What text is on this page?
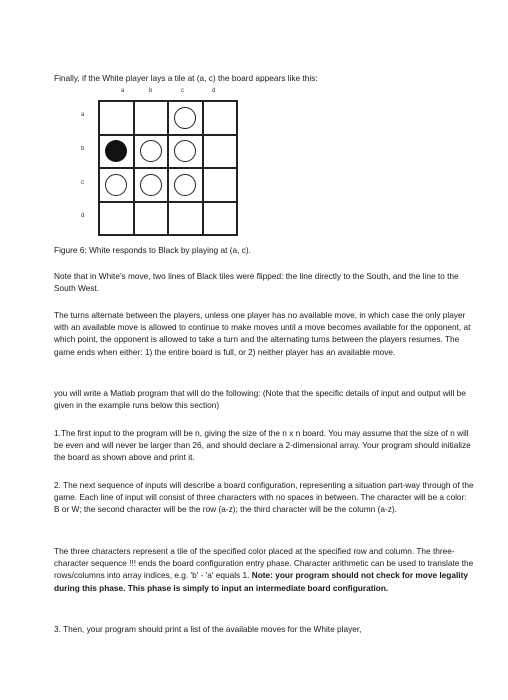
Finally, if the White player lays a tile at (a, c) the board appears like this:
a	b	c	d
a
b
c
d
Figure 6: White responds to Black by playing at (a, c).
Note that in White's move, two lines of Black tiles were flipped: the line directly to the South, and the line to the South West.
The turns alternate between the players, unless one player has no available move, in which case the only player with an available move is allowed to continue to make moves until a move becomes available for the opponent, at which point, the opponent is allowed to take a turn and the alternating turns between the players resumes. The game ends when either: 1) the entire board is full, or 2) neither player has an available move.
you will write a Matlab program that will do the following: (Note that the specific details of input and output will be given in the example runs below this section)
1.The first input to the program will be n, giving the size of the n x n board. You may assume that the size of n will be even and will never be larger than 26, and should declare a 2-dimensional array. Your program should initialize the board as shown above and print it.
2. The next sequence of inputs will describe a board configuration, representing a situation part-way through of the game. Each line of input will consist of three characters with no spaces in between. The character will be a color: B or W; the second character will be the row (a-z); the third character will be the column (a-z).
The three characters represent a tile of the specified color placed at the specified row and column. The three-character sequence !!! ends the board configuration entry phase. Character arithmetic can be used to translate the rows/columns into array indices, e.g. 'b' - 'a' equals 1. Note: your program should not check for move legality during this phase. This phase is simply to input an intermediate board configuration.
3. Then, your program should print a list of the available moves for the White player,
